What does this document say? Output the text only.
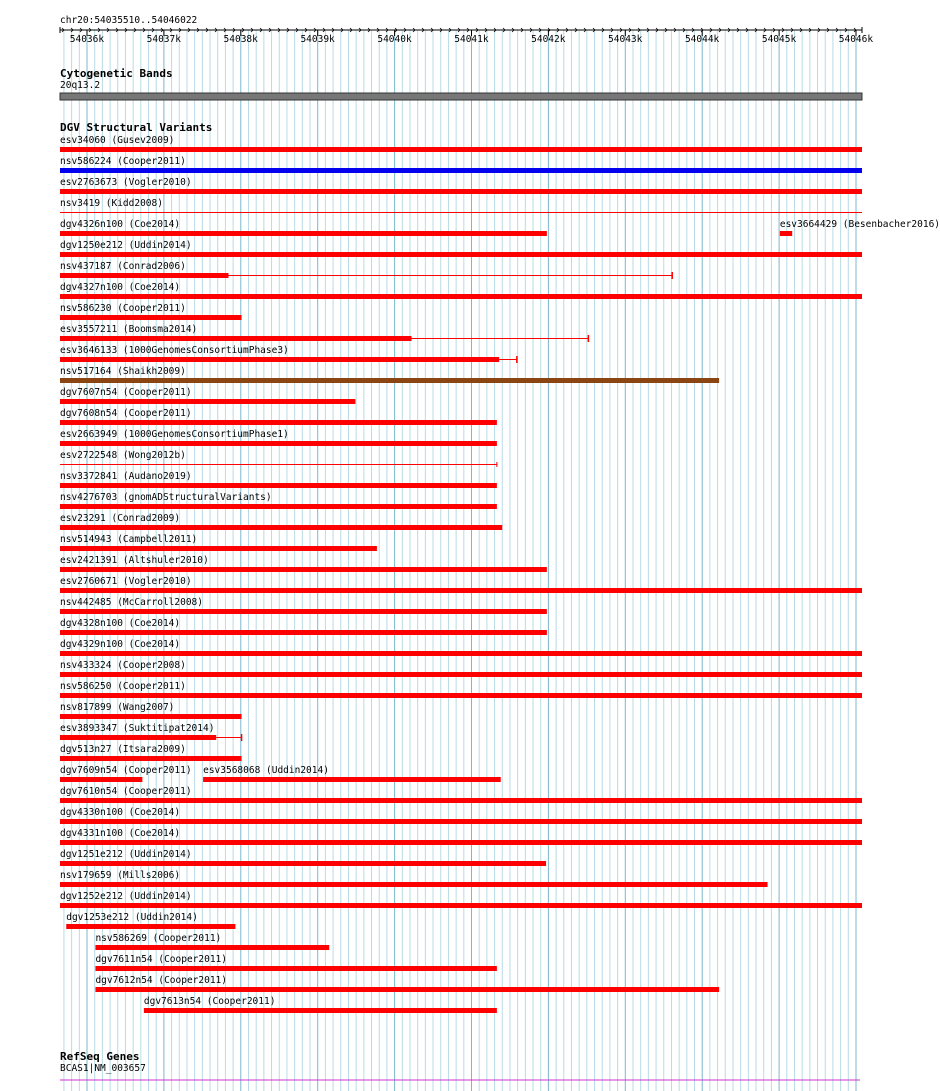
chr20:54035510..54046022
Cytogenetic Bands
20q13.2
DGV Structural Variants
RefSeq Genes
BCAS1|NM_003657
54036k	54037k	54038k	54039k	54040k	54041k	54042k	54043k	54044k	54045k	54046k
esv34060 (Gusev2009)
nsv586224 (Cooper2011)
esv2763673 (Vogler2010)
nsv3419 (Kidd2008)
dgv4326n100 (Coe2014)	esv3664429 (Besenbacher2016)
dgv1250e212 (Uddin2014)
nsv437187 (Conrad2006)
dgv4327n100 (Coe2014)
nsv586230 (Cooper2011)
esv3557211 (Boomsma2014)
esv3646133 (1000GenomesConsortiumPhase3)
nsv517164 (Shaikh2009)
dgv7607n54 (Cooper2011)
dgv7608n54 (Cooper2011)
esv2663949 (1000GenomesConsortiumPhase1)
esv2722548 (Wong2012b)
nsv3372841 (Audano2019)
nsv4276703 (gnomADStructuralVariants)
esv23291 (Conrad2009)
nsv514943 (Campbell2011)
esv2421391 (Altshuler2010)
esv2760671 (Vogler2010)
nsv442485 (McCarroll2008)
dgv4328n100 (Coe2014)
dgv4329n100 (Coe2014)
nsv433324 (Cooper2008)
nsv586250 (Cooper2011)
nsv817899 (Wang2007)
esv3893347 (Suktitipat2014)
dgv513n27 (Itsara2009)
dgv7609n54 (Cooper2011) esv3568068 (Uddin2014)
dgv7610n54 (Cooper2011)
dgv4330n100 (Coe2014)
dgv4331n100 (Coe2014)
dgv1251e212 (Uddin2014)
nsv179659 (Mills2006)
dgv1252e212 (Uddin2014)
dgv1253e212 (Uddin2014)
nsv586269 (Cooper2011)
dgv7611n54 (Cooper2011)
dgv7612n54 (Cooper2011)
dgv7613n54 (Cooper2011)
